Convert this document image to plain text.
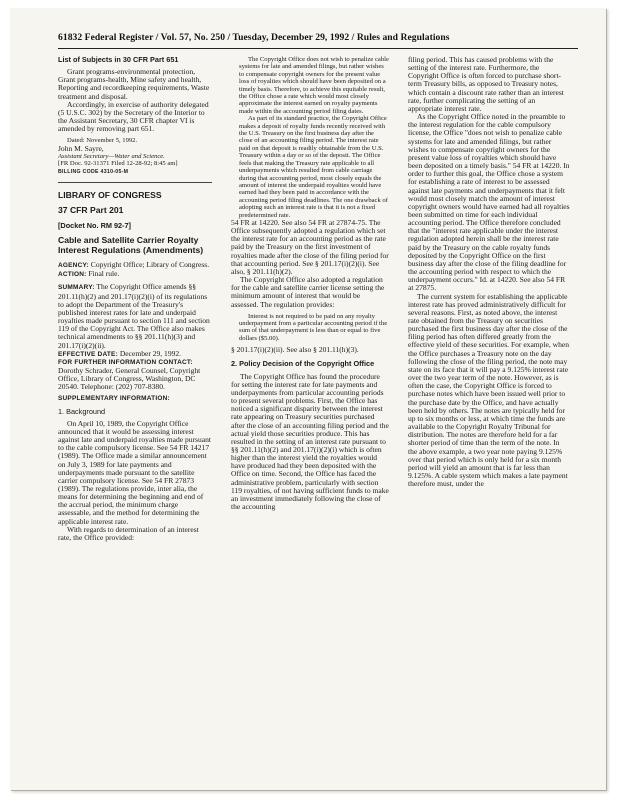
61832 Federal Register / Vol. 57, No. 250 / Tuesday, December 29, 1992 / Rules and Regulations
List of Subjects in 30 CFR Part 651

Grant programs-environmental protection, Grant programs-health, Mine safety and health, Reporting and recordkeeping requirements, Waste treatment and disposal.

Accordingly, in exercise of authority delegated (5 U.S.C. 302) by the Secretary of the Interior to the Assistant Secretary, 30 CFR chapter VI is amended by removing part 651.

Dated: November 5, 1992.

John M. Sayre,

Assistant Secretary—Water and Science.

[FR Doc. 92-31371 Filed 12-28-92; 8:45 am]

BILLING CODE 4310-05-M

LIBRARY OF CONGRESS
37 CFR Part 201
[Docket No. RM 92-7]
Cable and Satellite Carrier Royalty Interest Regulations (Amendments)

AGENCY: Copyright Office; Library of Congress.

ACTION: Final rule.

SUMMARY: The Copyright Office amends §§ 201.11(h)(2) and 201.17(i)(2)(i) of its regulations to adopt the Department of the Treasury's published interest rates for late and underpaid royalties made pursuant to section 111 and section 119 of the Copyright Act. The Office also makes technical amendments to §§ 201.11(h)(3) and 201.17(i)(2)(ii).

EFFECTIVE DATE: December 29, 1992.

FOR FURTHER INFORMATION CONTACT:

Dorothy Schrader, General Counsel, Copyright Office, Library of Congress, Washington, DC 20540. Telephone: (202) 707-8380.

SUPPLEMENTARY INFORMATION:

1. Background

On April 10, 1989, the Copyright Office announced that it would be assessing interest against late and underpaid royalties made pursuant to the cable compulsory license. See 54 FR 14217 (1989). The Office made a similar announcement on July 3, 1989 for late payments and underpayments made pursuant to the satellite carrier compulsory license. See 54 FR 27873 (1989). The regulations provide, inter alia, the means for determining the beginning and end of the accrual period, the minimum charge assessable, and the method for determining the applicable interest rate.

With regards to determination of an interest rate, the Office provided:

The Copyright Office does not wish to penalize cable systems for late and amended filings, but rather wishes to compensate copyright owners for the present value loss of royalties which should have been deposited on a timely basis. Therefore, to achieve this equitable result, the Office chose a rate which would most closely approximate the interest earned on royalty payments made within the accounting period filing dates.

As part of its standard practice, the Copyright Office makes a deposit of royalty funds recently received with the U.S. Treasury on the first business day after the close of an accounting filing period. The interest rate paid on that deposit is readily obtainable from the U.S. Treasury within a day or so of the deposit. The Office feels that making the Treasury rate applicable to all underpayments which resulted from cable carriage during that accounting period, most closely equals the amount of interest the underpaid royalties would have earned had they been paid in accordance with the accounting period filing deadlines. The one drawback of adopting such an interest rate is that it is not a fixed predetermined rate.

54 FR at 14220. See also 54 FR at 27874-75. The Office subsequently adopted a regulation which set the interest rate for an accounting period as the rate paid by the Treasury on the first investment of royalties made after the close of the filing period for that accounting period. See § 201.17(i)(2)(i). See also, § 201.11(h)(2).

The Copyright Office also adopted a regulation for the cable and satellite carrier license setting the minimum amount of interest that would be assessed. The regulation provides:

Interest is not required to be paid on any royalty underpayment from a particular accounting period if the sum of that underpayment is less than or equal to five dollars ($5.00).

§ 201.17(i)(2)(ii). See also § 201.11(h)(3).

2. Policy Decision of the Copyright Office

The Copyright Office has found the procedure for setting the interest rate for late payments and underpayments from particular accounting periods to present several problems. First, the Office has noticed a significant disparity between the interest rate appearing on Treasury securities purchased after the close of an accounting filing period and the actual yield those securities produce. This has resulted in the setting of an interest rate pursuant to §§ 201.11(h)(2) and 201.17(i)(2)(i) which is often higher than the interest yield the royalties would have produced had they been deposited with the Office on time. Second, the Office has faced the administrative problem, particularly with section 119 royalties, of not having sufficient funds to make an investment immediately following the close of the accounting

filing period. This has caused problems with the setting of the interest rate. Furthermore, the Copyright Office is often forced to purchase short-term Treasury bills, as opposed to Treasury notes, which contain a discount rate rather than an interest rate, further complicating the setting of an appropriate interest rate.

As the Copyright Office noted in the preamble to the interest regulation for the cable compulsory license, the Office "does not wish to penalize cable systems for late and amended filings, but rather wishes to compensate copyright owners for the present value loss of royalties which should have been deposited on a timely basis." 54 FR at 14220. In order to further this goal, the Office chose a system for establishing a rate of interest to be assessed against late payments and underpayments that it felt would most closely match the amount of interest copyright owners would have earned had all royalties been submitted on time for each individual accounting period. The Office therefore concluded that the "interest rate applicable under the interest regulation adopted herein shall be the interest rate paid by the Treasury on the cable royalty funds deposited by the Copyright Office on the first business day after the close of the filing deadline for the accounting period with respect to which the underpayment occurs." Id. at 14220. See also 54 FR at 27875.

The current system for establishing the applicable interest rate has proved administratively difficult for several reasons. First, as noted above, the interest rate obtained from the Treasury on securities purchased the first business day after the close of the filing period has often differed greatly from the effective yield of these securities. For example, when the Office purchases a Treasury note on the day following the close of the filing period, the note may state on its face that it will pay a 9.125% interest rate over the two year term of the note. However, as is often the case, the Copyright Office is forced to purchase notes which have been issued well prior to the purchase date by the Office, and have actually been held by others. The notes are typically held for up to six months or less, at which time the funds are available to the Copyright Royalty Tribunal for distribution. The notes are therefore held for a far shorter period of time than the term of the note. In the above example, a two year note paying 9.125% over that period which is only held for a six month period will yield an amount that is far less than 9.125%. A cable system which makes a late payment therefore must, under the
